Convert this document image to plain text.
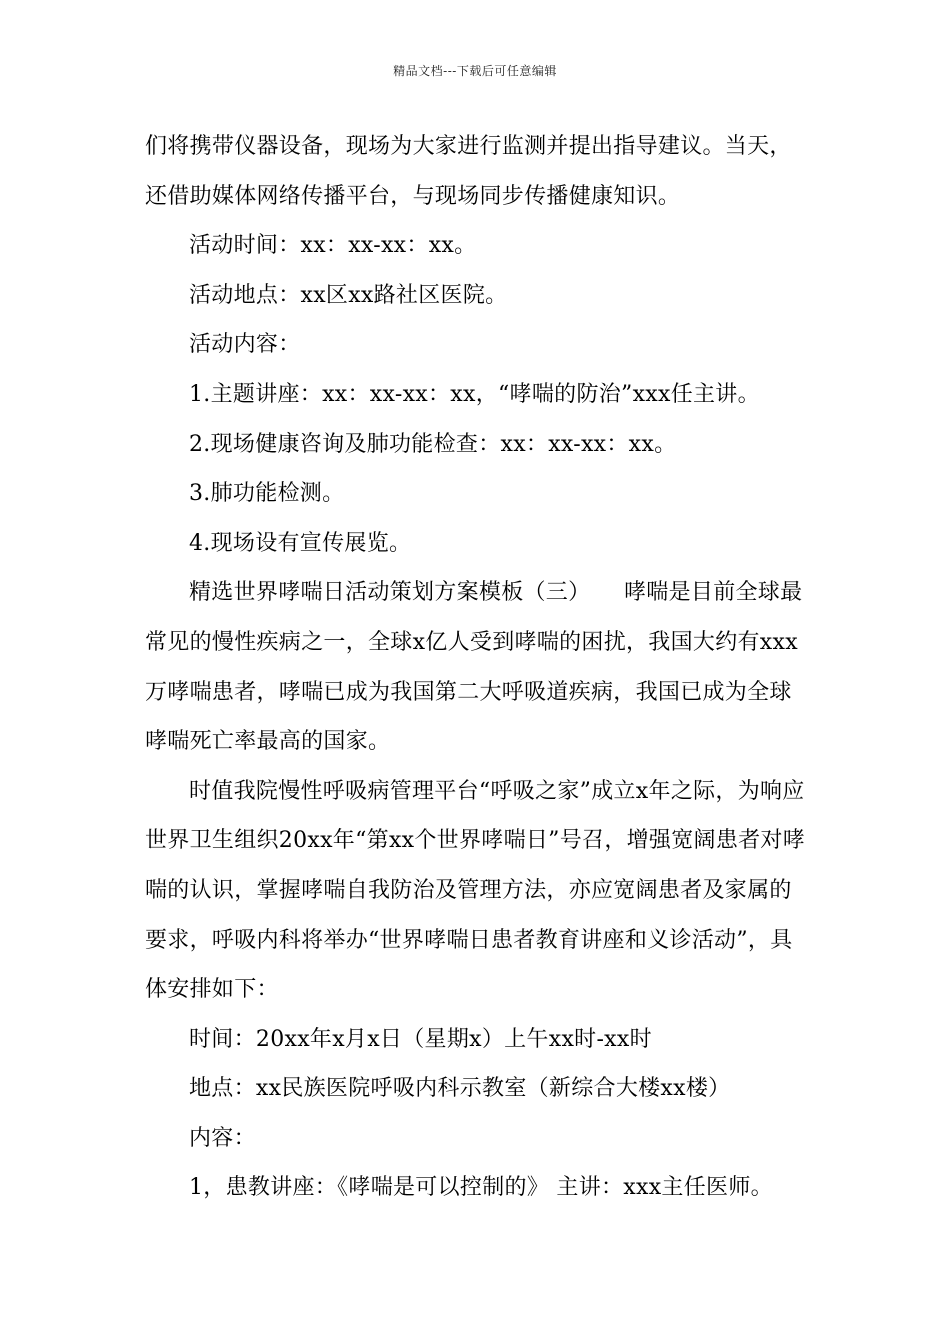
精品文档---下载后可任意编辑

们将携带仪器设备，现场为大家进行监测并提出指导建议。当天，还借助媒体网络传播平台，与现场同步传播健康知识。

活动时间：xx：xx-xx：xx。

活动地点：xx区xx路社区医院。

活动内容：

1.主题讲座：xx：xx-xx：xx，“哮喘的防治”xxx任主讲。

2.现场健康咨询及肺功能检查：xx：xx-xx：xx。

3.肺功能检测。

4.现场设有宣传展览。

精选世界哮喘日活动策划方案模板（三）　　哮喘是目前全球最常见的慢性疾病之一，全球x亿人受到哮喘的困扰，我国大约有xxx万哮喘患者，哮喘已成为我国第二大呼吸道疾病，我国已成为全球哮喘死亡率最高的国家。

时值我院慢性呼吸病管理平台“呼吸之家”成立x年之际，为响应世界卫生组织20xx年“第xx个世界哮喘日”号召，增强宽阔患者对哮喘的认识，掌握哮喘自我防治及管理方法，亦应宽阔患者及家属的要求，呼吸内科将举办“世界哮喘日患者教育讲座和义诊活动”，具体安排如下：

时间：20xx年x月x日（星期x）上午xx时-xx时

地点：xx民族医院呼吸内科示教室（新综合大楼xx楼）

内容：

1，患教讲座：《哮喘是可以控制的》 主讲：xxx主任医师。
